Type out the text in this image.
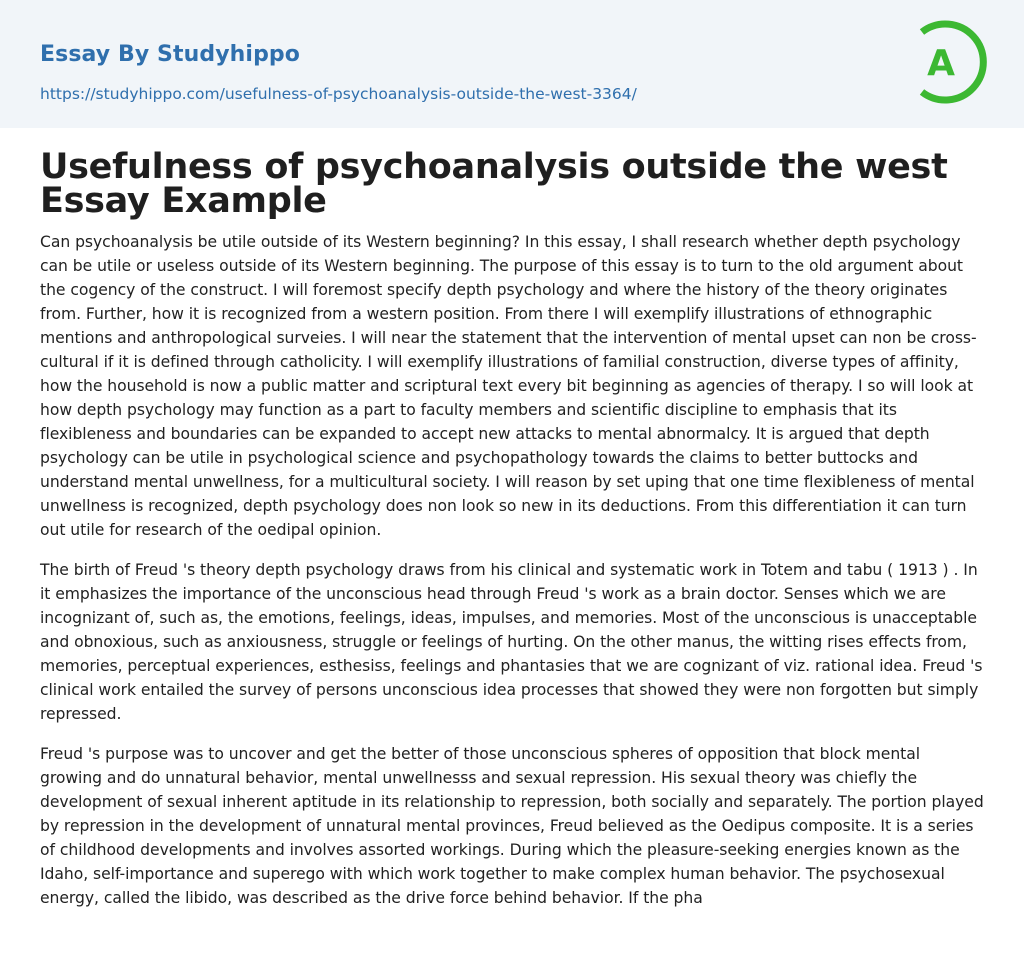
Essay By Studyhippo
https://studyhippo.com/usefulness-of-psychoanalysis-outside-the-west-3364/
A
Usefulness of psychoanalysis outside the west Essay Example

Can psychoanalysis be utile outside of its Western beginning? In this essay, I shall research whether depth psychology can be utile or useless outside of its Western beginning. The purpose of this essay is to turn to the old argument about the cogency of the construct. I will foremost specify depth psychology and where the history of the theory originates from. Further, how it is recognized from a western position. From there I will exemplify illustrations of ethnographic mentions and anthropological surveies. I will near the statement that the intervention of mental upset can non be cross-cultural if it is defined through catholicity. I will exemplify illustrations of familial construction, diverse types of affinity, how the household is now a public matter and scriptural text every bit beginning as agencies of therapy. I so will look at how depth psychology may function as a part to faculty members and scientific discipline to emphasis that its flexibleness and boundaries can be expanded to accept new attacks to mental abnormalcy. It is argued that depth psychology can be utile in psychological science and psychopathology towards the claims to better buttocks and understand mental unwellness, for a multicultural society. I will reason by set uping that one time flexibleness of mental unwellness is recognized, depth psychology does non look so new in its deductions. From this differentiation it can turn out utile for research of the oedipal opinion.

The birth of Freud 's theory depth psychology draws from his clinical and systematic work in Totem and tabu ( 1913 ) . In it emphasizes the importance of the unconscious head through Freud 's work as a brain doctor. Senses which we are incognizant of, such as, the emotions, feelings, ideas, impulses, and memories. Most of the unconscious is unacceptable and obnoxious, such as anxiousness, struggle or feelings of hurting. On the other manus, the witting rises effects from, memories, perceptual experiences, esthesiss, feelings and phantasies that we are cognizant of viz. rational idea. Freud 's clinical work entailed the survey of persons unconscious idea processes that showed they were non forgotten but simply repressed.

Freud 's purpose was to uncover and get the better of those unconscious spheres of opposition that block mental growing and do unnatural behavior, mental unwellnesss and sexual repression. His sexual theory was chiefly the development of sexual inherent aptitude in its relationship to repression, both socially and separately. The portion played by repression in the development of unnatural mental provinces, Freud believed as the Oedipus composite. It is a series of childhood developments and involves assorted workings. During which the pleasure-seeking energies known as the Idaho, self-importance and superego with which work together to make complex human behavior. The psychosexual energy, called the libido, was described as the drive force behind behavior. If the pha
